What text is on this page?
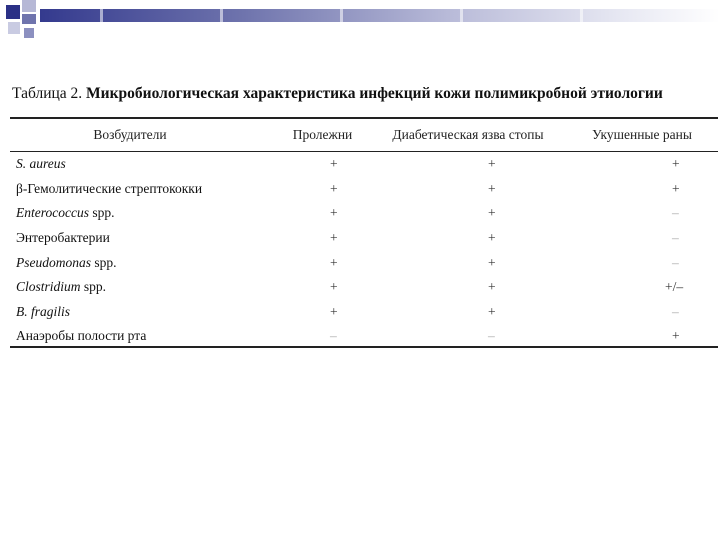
Таблица 2. Микробиологическая характеристика инфекций кожи полимикробной этиологии
Возбудители	Пролежни	Диабетическая язва стопы	Укушенные раны
S. aureus	+	+	+
β-Гемолитические стрептококки	+	+	+
Enterococcus spp.	+	+	–
Энтеробактерии	+	+	–
Pseudomonas spp.	+	+	–
Clostridium spp.	+	+	+/–
B. fragilis	+	+	–
Анаэробы полости рта	–	–	+
